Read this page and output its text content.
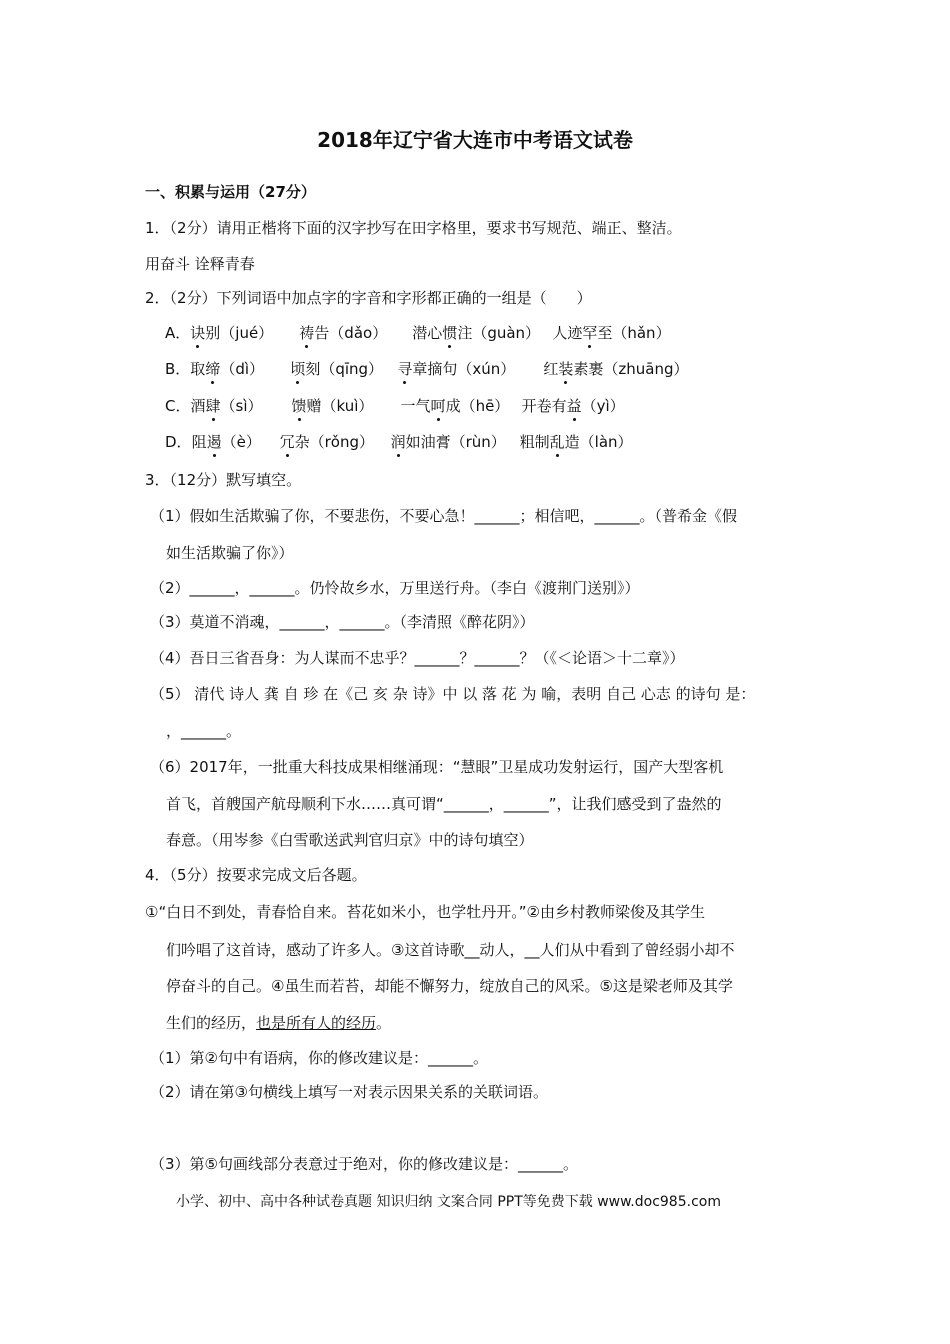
2018年辽宁省大连市中考语文试卷
一、积累与运用（27分）
1．（2分）请用正楷将下面的汉字抄写在田字格里，要求书写规范、端正、整洁。
用奋斗 诠释青春
2．（2分）下列词语中加点字的字音和字形都正确的一组是（　　）
A．诀别（jué） 祷告（dǎo） 潜心惯注（guàn） 人迹罕至（hǎn）
B．取缔（dì） 顷刻（qīng） 寻章摘句（xún） 红装素裹（zhuāng）
C．酒肆（sì） 馈赠（kuì） 一气呵成（hē） 开卷有益（yì）
D．阻遏（è） 冗杂（rǒng） 润如油膏（rùn） 粗制乱造（làn）
3．（12分）默写填空。
（1）假如生活欺骗了你，不要悲伤，不要心急！______；相信吧，______。（普希金《假
如生活欺骗了你》）
（2）______，______。仍怜故乡水，万里送行舟。（李白《渡荆门送别》）
（3）莫道不消魂，______，______。（李清照《醉花阴》）
（4）吾日三省吾身：为人谋而不忠乎？______？______？（《＜论语＞十二章》）
（5） 清代 诗人 龚 自 珍 在《己 亥 杂 诗》中 以 落 花 为 喻，表明 自己 心志 的诗句 是：
，______。
（6）2017年，一批重大科技成果相继涌现：“慧眼”卫星成功发射运行，国产大型客机
首飞，首艘国产航母顺利下水……真可谓“______，______”，让我们感受到了盎然的
春意。（用岑参《白雪歌送武判官归京》中的诗句填空）
4．（5分）按要求完成文后各题。
①“白日不到处，青春恰自来。苔花如米小，也学牡丹开。”②由乡村教师梁俊及其学生
们吟唱了这首诗，感动了许多人。③这首诗歌__动人，__人们从中看到了曾经弱小却不
停奋斗的自己。④虽生而若苔，却能不懈努力，绽放自己的风采。⑤这是梁老师及其学
生们的经历，也是所有人的经历。
（1）第②句中有语病，你的修改建议是：______。
（2）请在第③句横线上填写一对表示因果关系的关联词语。
（3）第⑤句画线部分表意过于绝对，你的修改建议是：______。
小学、初中、高中各种试卷真题 知识归纳 文案合同 PPT等免费下载 www.doc985.com
